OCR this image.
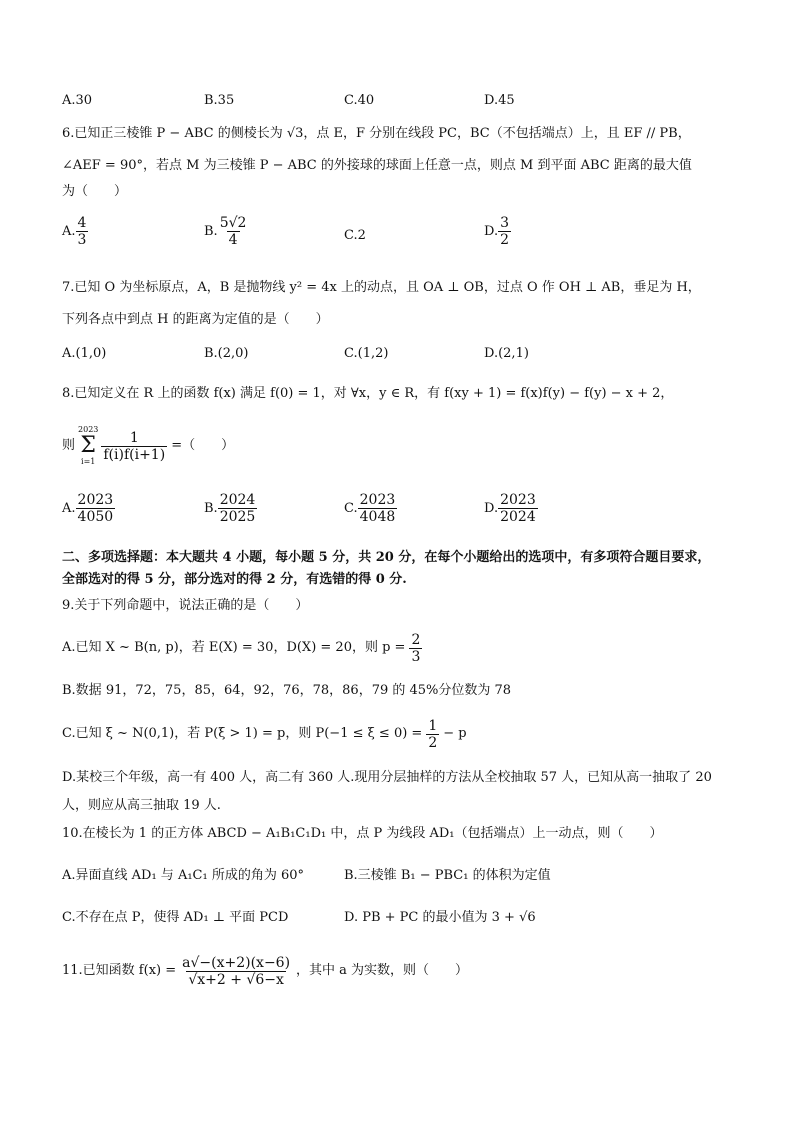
A.30	B.35	C.40	D.45
6.已知正三棱锥 P − ABC 的侧棱长为 √3，点 E，F 分别在线段 PC，BC（不包括端点）上，且 EF // PB，
∠AEF = 90°，若点 M 为三棱锥 P − ABC 的外接球的球面上任意一点，则点 M 到平面 ABC 距离的最大值
为（　　）
A. $\frac{4}{3}$	B. $\frac{5√2}{4}$	C.2	D. $\frac{3}{2}$
7.已知 O 为坐标原点，A，B 是抛物线 y² = 4x 上的动点，且 OA ⊥ OB，过点 O 作 OH ⊥ AB，垂足为 H，
下列各点中到点 H 的距离为定值的是（　　）
A.(1,0)	B.(2,0)	C.(1,2)	D.(2,1)
8.已知定义在 R 上的函数 f(x) 满足 f(0) = 1，对 ∀x，y ∈ R，有 f(xy + 1) = f(x)f(y) − f(y) − x + 2，
则
2023
Σ
$i=1 \frac{1}{f(i)f(i+1)}$ =（　　）
A. $\frac{2023}{4050}$	B. $\frac{2024}{2025}$	C. $\frac{2023}{4048}$	D. $\frac{2023}{2024}$
二、多项选择题：本大题共 4 小题，每小题 5 分，共 20 分，在每个小题给出的选项中，有多项符合题目要求，
全部选对的得 5 分，部分选对的得 2 分，有选错的得 0 分.
9.关于下列命题中，说法正确的是（　　）
A.已知 X ~ B(n, p)，若 E(X) = 30，D(X) = 20，则 $p = \frac{2}{3}$
B.数据 91，72，75，85，64，92，76，78，86，79 的 45%分位数为 78
C.已知 ξ ~ N(0,1)，若 P(ξ > 1) = p，则 $P(-1 \le \xi \le 0) = \frac{1}{2} - p$
D.某校三个年级，高一有 400 人，高二有 360 人.现用分层抽样的方法从全校抽取 57 人，已知从高一抽取了 20
人，则应从高三抽取 19 人.
10.在棱长为 1 的正方体 ABCD − A₁B₁C₁D₁ 中，点 P 为线段 AD₁（包括端点）上一动点，则（　　）
A.异面直线 AD₁ 与 A₁C₁ 所成的角为 60°	B.三棱锥 B₁ − PBC₁ 的体积为定值
C.不存在点 P，使得 AD₁ ⊥ 平面 PCD	D. PB + PC 的最小值为 3 + √6
11.已知函数 $f(x) = \frac{a√-(x+2)(x-6)}{√x+2 + √6-x}$ ，其中 a 为实数，则（　　）
